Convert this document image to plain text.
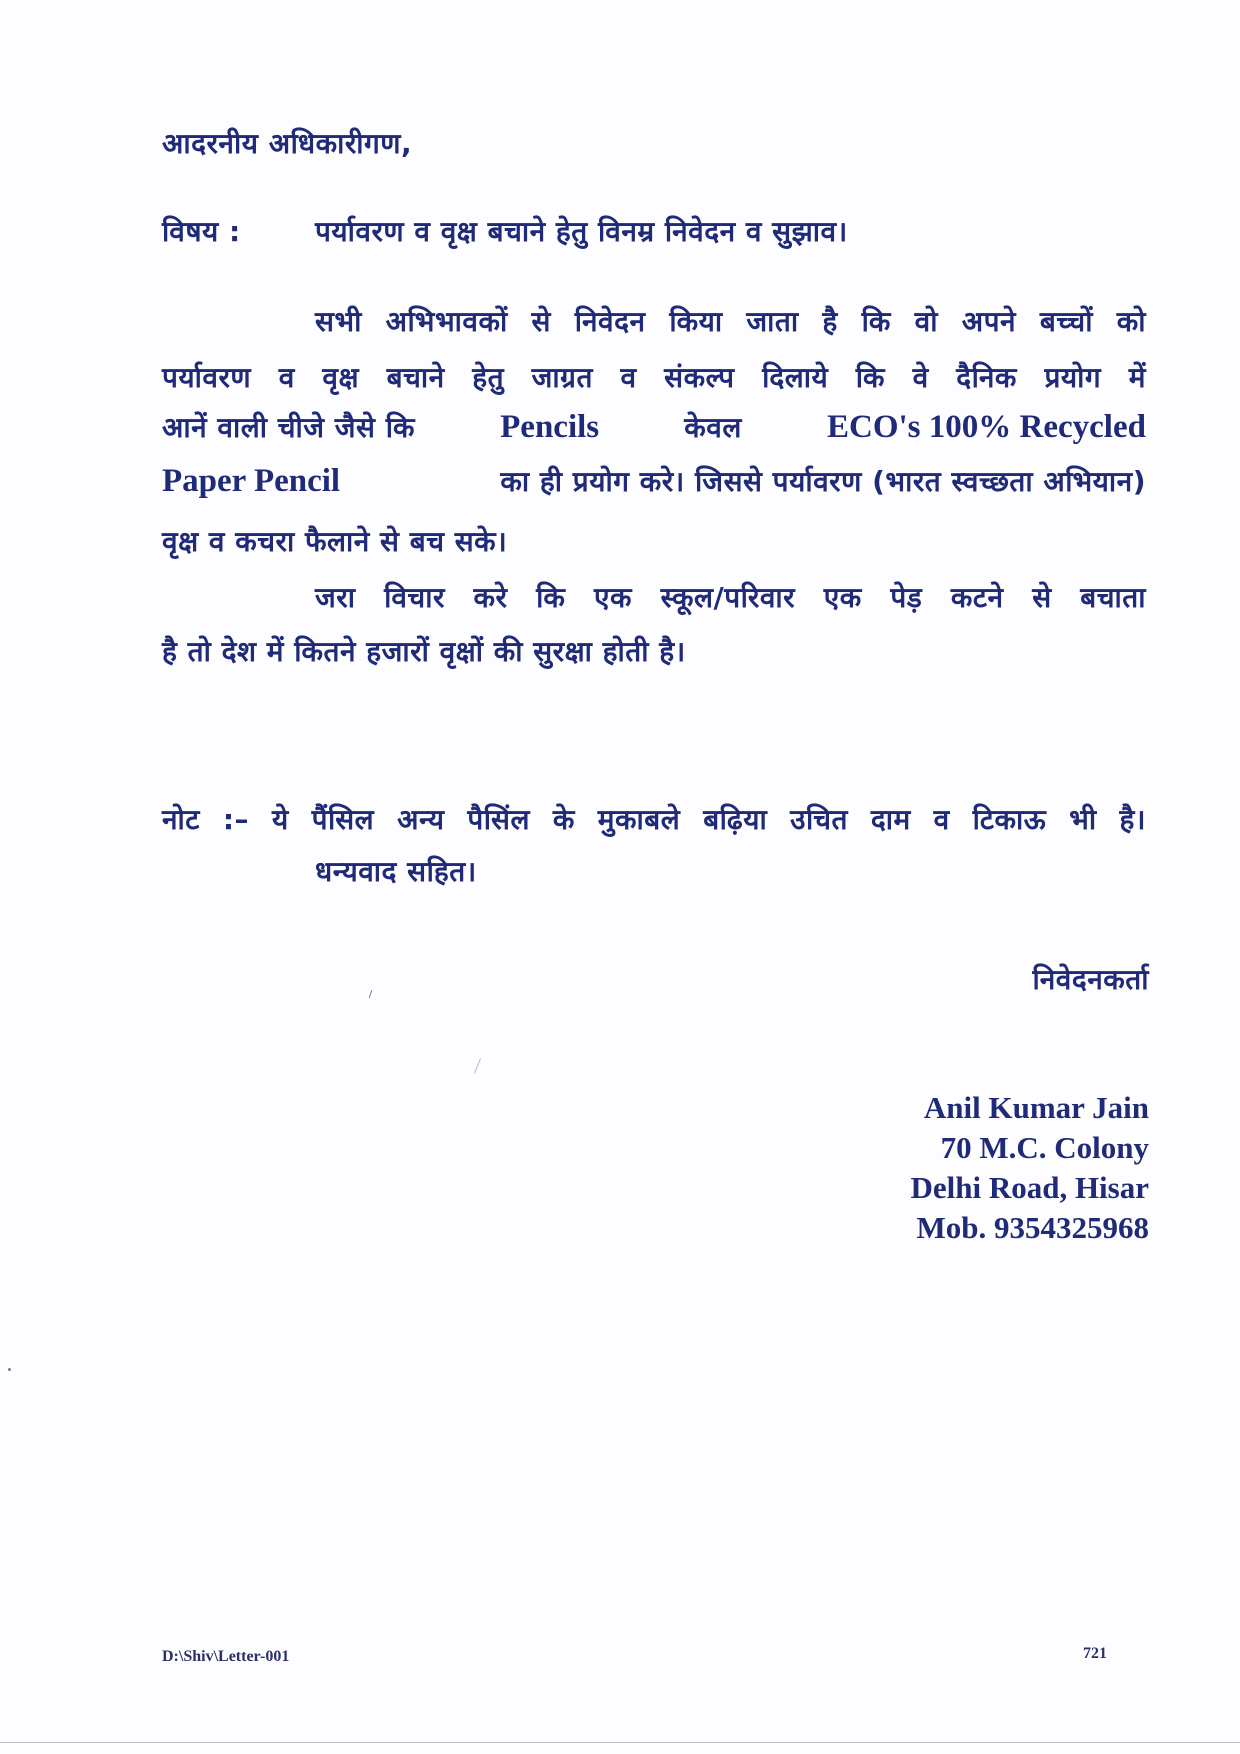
आदरनीय अधिकारीगण,
विषय :	पर्यावरण व वृक्ष बचाने हेतु विनम्र निवेदन व सुझाव।
सभी अभिभावकों से निवेदन किया जाता है कि वो अपने बच्चों को
पर्यावरण व वृक्ष बचाने हेतु जाग्रत व संकल्प दिलाये कि वे दैनिक प्रयोग में
आनें वाली चीजे जैसे कि	Pencils	केवल	ECO's 100% Recycled
Paper Pencil	का ही प्रयोग करे। जिससे पर्यावरण (भारत स्वच्छता अभियान)
वृक्ष व कचरा फैलाने से बच सके।
जरा विचार करे कि एक स्कूल/परिवार एक पेड़ कटने से बचाता
है तो देश में कितने हजारों वृक्षों की सुरक्षा होती है।
नोट :– ये पैंसिल अन्य पैसिंल के मुकाबले बढ़िया उचित दाम व टिकाऊ भी है।
धन्यवाद सहित।
निवेदनकर्ता
Anil Kumar Jain
70 M.C. Colony
Delhi Road, Hisar
Mob. 9354325968
D:\Shiv\Letter-001	721
